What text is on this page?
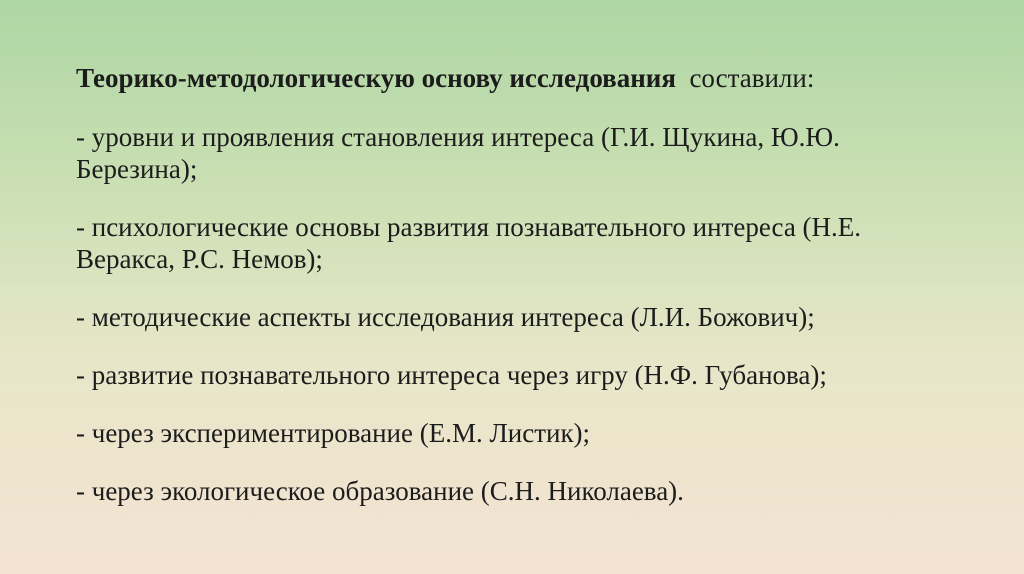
Теорико-методологическую основу исследования составили:

- уровни и проявления становления интереса (Г.И. Щукина, Ю.Ю. Березина);

- психологические основы развития познавательного интереса (Н.Е. Веракса, Р.С. Немов);

- методические аспекты исследования интереса (Л.И. Божович);

- развитие познавательного интереса через игру (Н.Ф. Губанова);

- через экспериментирование (Е.М. Листик);

- через экологическое образование (С.Н. Николаева).
